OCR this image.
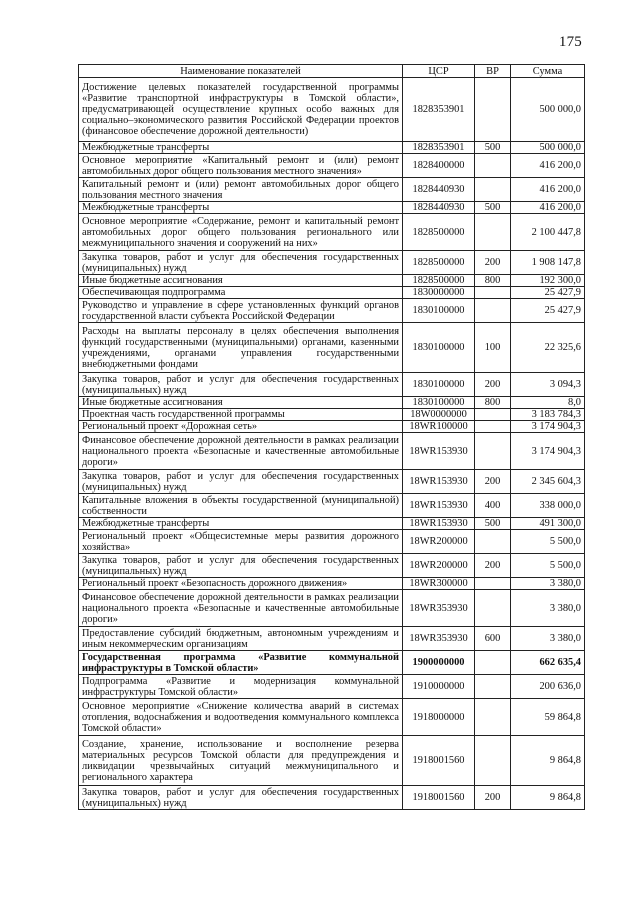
175
Наименование показателей	ЦСР	ВР	Сумма
Достижение целевых показателей государственной программы «Развитие транспортной инфраструктуры в Томской области», предусматривающей осуществление крупных особо важных для социально–экономического развития Российской Федерации проектов (финансовое обеспечение дорожной деятельности)	1828353901		500 000,0
Межбюджетные трансферты	1828353901	500	500 000,0
Основное мероприятие «Капитальный ремонт и (или) ремонт автомобильных дорог общего пользования местного значения»	1828400000		416 200,0
Капитальный ремонт и (или) ремонт автомобильных дорог общего пользования местного значения	1828440930		416 200,0
Межбюджетные трансферты	1828440930	500	416 200,0
Основное мероприятие «Содержание, ремонт и капитальный ремонт автомобильных дорог общего пользования регионального или межмуниципального значения и сооружений на них»	1828500000		2 100 447,8
Закупка товаров, работ и услуг для обеспечения государственных (муниципальных) нужд	1828500000	200	1 908 147,8
Иные бюджетные ассигнования	1828500000	800	192 300,0
Обеспечивающая подпрограмма	1830000000		25 427,9
Руководство и управление в сфере установленных функций органов государственной власти субъекта Российской Федерации	1830100000		25 427,9
Расходы на выплаты персоналу в целях обеспечения выполнения функций государственными (муниципальными) органами, казенными учреждениями, органами управления государственными внебюджетными фондами	1830100000	100	22 325,6
Закупка товаров, работ и услуг для обеспечения государственных (муниципальных) нужд	1830100000	200	3 094,3
Иные бюджетные ассигнования	1830100000	800	8,0
Проектная часть государственной программы	18W0000000		3 183 784,3
Региональный проект «Дорожная сеть»	18WR100000		3 174 904,3
Финансовое обеспечение дорожной деятельности в рамках реализации национального проекта «Безопасные и качественные автомобильные дороги»	18WR153930		3 174 904,3
Закупка товаров, работ и услуг для обеспечения государственных (муниципальных) нужд	18WR153930	200	2 345 604,3
Капитальные вложения в объекты государственной (муниципальной) собственности	18WR153930	400	338 000,0
Межбюджетные трансферты	18WR153930	500	491 300,0
Региональный проект «Общесистемные меры развития дорожного хозяйства»	18WR200000		5 500,0
Закупка товаров, работ и услуг для обеспечения государственных (муниципальных) нужд	18WR200000	200	5 500,0
Региональный проект «Безопасность дорожного движения»	18WR300000		3 380,0
Финансовое обеспечение дорожной деятельности в рамках реализации национального проекта «Безопасные и качественные автомобильные дороги»	18WR353930		3 380,0
Предоставление субсидий бюджетным, автономным учреждениям и иным некоммерческим организациям	18WR353930	600	3 380,0
Государственная программа «Развитие коммунальной инфраструктуры в Томской области»	1900000000		662 635,4
Подпрограмма «Развитие и модернизация коммунальной инфраструктуры Томской области»	1910000000		200 636,0
Основное мероприятие «Снижение количества аварий в системах отопления, водоснабжения и водоотведения коммунального комплекса Томской области»	1918000000		59 864,8
Создание, хранение, использование и восполнение резерва материальных ресурсов Томской области для предупреждения и ликвидации чрезвычайных ситуаций межмуниципального и регионального характера	1918001560		9 864,8
Закупка товаров, работ и услуг для обеспечения государственных (муниципальных) нужд	1918001560	200	9 864,8
